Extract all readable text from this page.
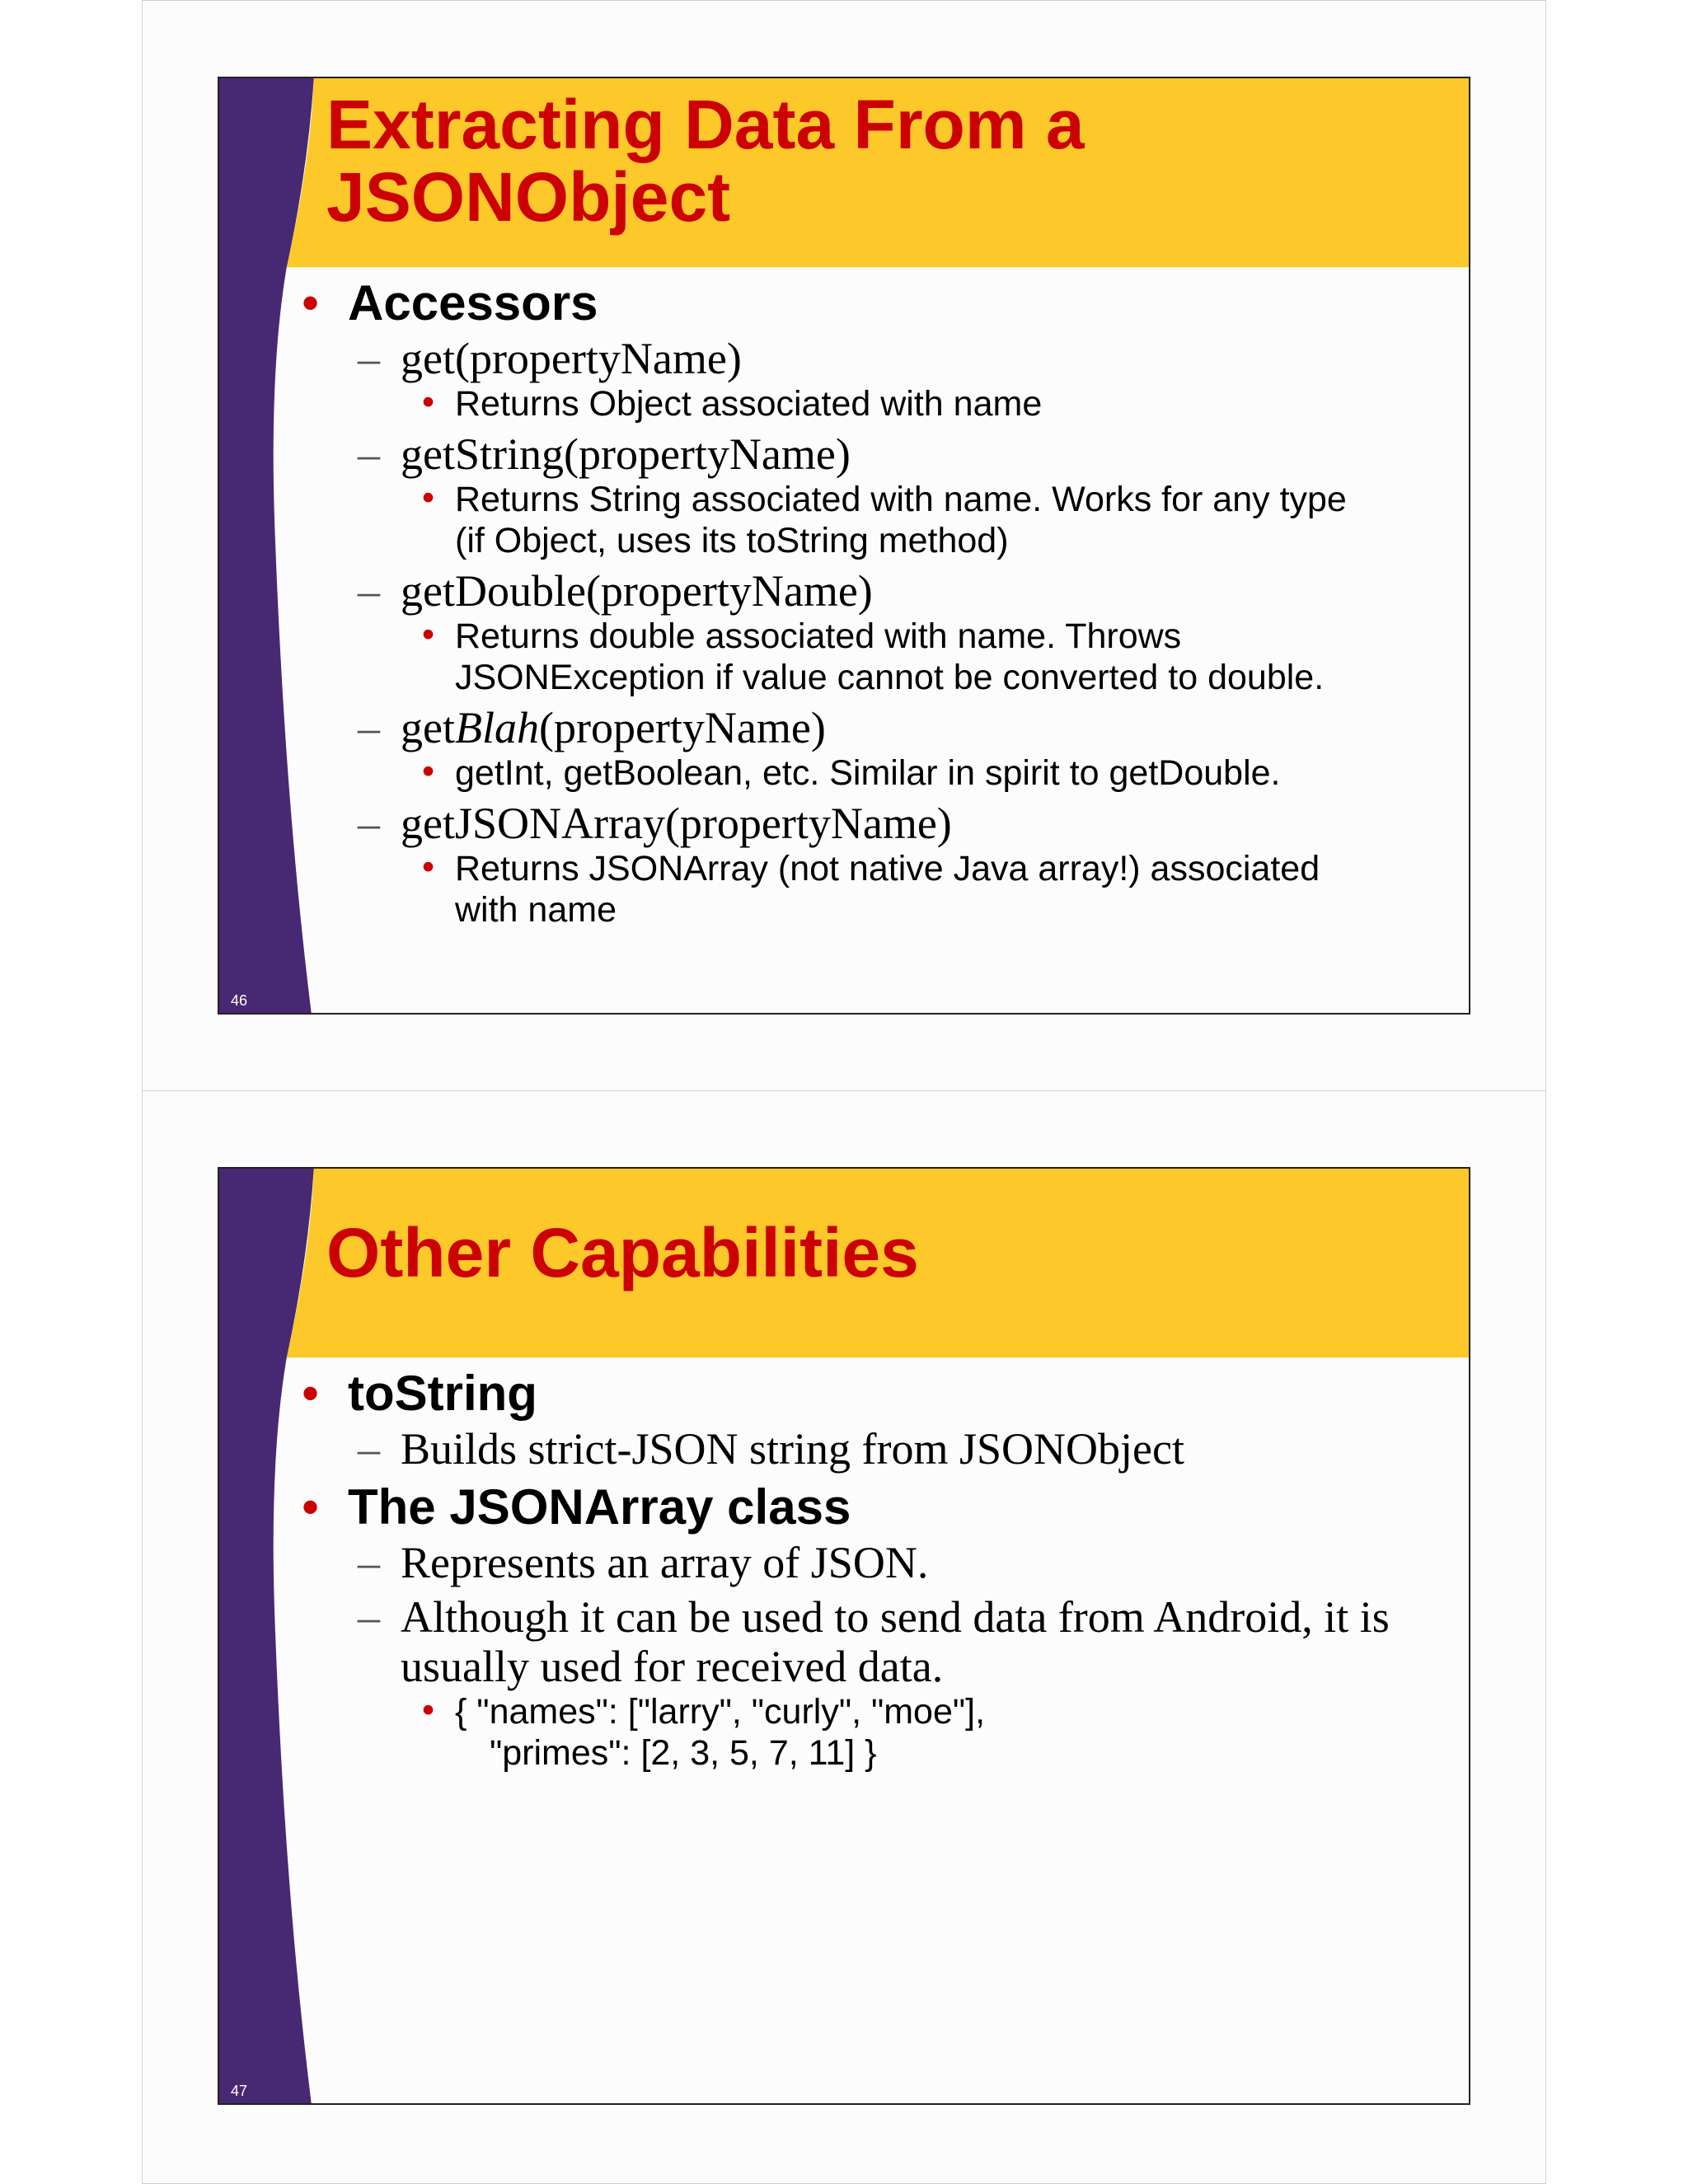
Extracting Data From a
JSONObject
• Accessors
– get(propertyName)
• Returns Object associated with name
– getString(propertyName)
• Returns String associated with name. Works for any type
(if Object, uses its toString method)
– getDouble(propertyName)
• Returns double associated with name. Throws
JSONException if value cannot be converted to double.
– getBlah(propertyName)
• getInt, getBoolean, etc. Similar in spirit to getDouble.
– getJSONArray(propertyName)
• Returns JSONArray (not native Java array!) associated
with name
46
Other Capabilities
• toString
– Builds strict-JSON string from JSONObject
• The JSONArray class
– Represents an array of JSON.
– Although it can be used to send data from Android, it is
usually used for received data.
• { "names": ["larry", "curly", "moe"],
"primes": [2, 3, 5, 7, 11] }
47
